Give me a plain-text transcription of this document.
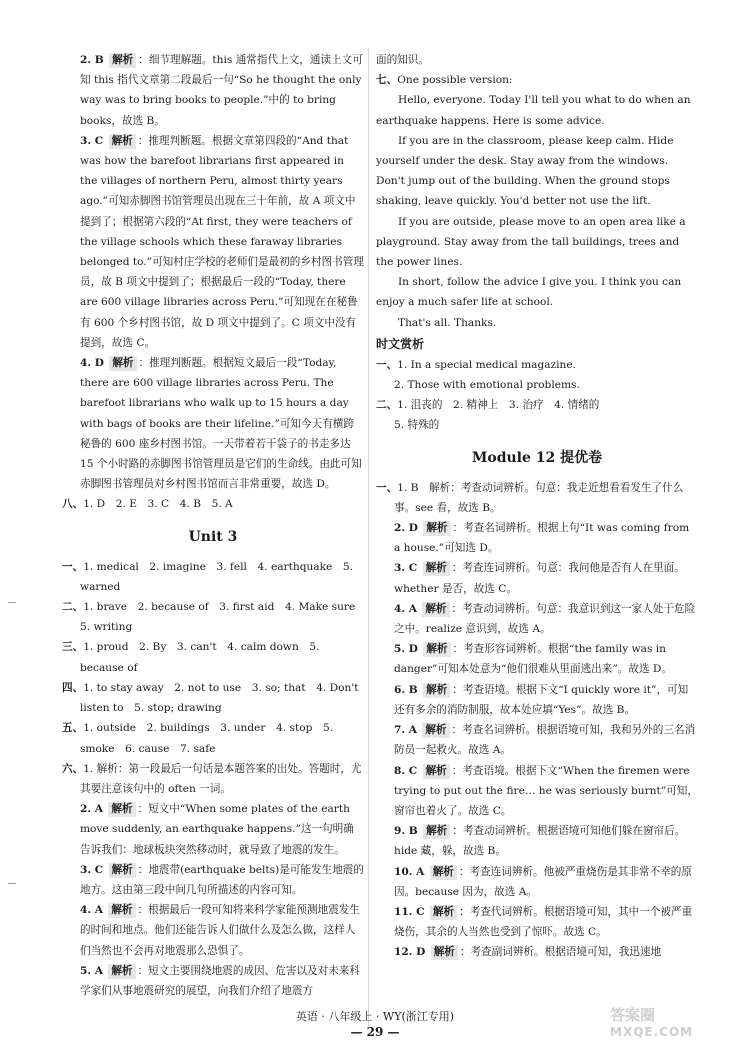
2. B 解析 ：细节理解题。this 通常指代上文，通读上文可知 this 指代文章第二段最后一句“So he thought the only way was to bring books to people.”中的 to bring books，故选 B。
3. C 解析 ：推理判断题。根据文章第四段的“And that was how the barefoot librarians first appeared in the villages of northern Peru, almost thirty years ago.”可知赤脚图书馆管理员出现在三十年前，故 A 项文中提到了；根据第六段的“At first, they were teachers of the village schools which these faraway libraries belonged to.”可知村庄学校的老师们是最初的乡村图书管理员，故 B 项文中提到了；根据最后一段的“Today, there are 600 village libraries across Peru.”可知现在在秘鲁有 600 个乡村图书馆，故 D 项文中提到了。C 项文中没有提到，故选 C。
4. D 解析 ：推理判断题。根据短文最后一段“Today, there are 600 village libraries across Peru. The barefoot librarians who walk up to 15 hours a day with bags of books are their lifeline.”可知今天有横跨秘鲁的 600 座乡村图书馆。一天带着若干袋子的书走多达 15 个小时路的赤脚图书馆管理员是它们的生命线。由此可知赤脚图书管理员对乡村图书馆而言非常重要，故选 D。
八、1. D　2. E　3. C　4. B　5. A
Unit 3
一、1. medical　2. imagine　3. fell　4. earthquake　5. warned
二、1. brave　2. because of　3. first aid　4. Make sure　5. writing
三、1. proud　2. By　3. can't　4. calm down　5. because of
四、1. to stay away　2. not to use　3. so; that　4. Don't listen to　5. stop; drawing
五、1. outside　2. buildings　3. under　4. stop　5. smoke　6. cause　7. safe
六、1. 解析：第一段最后一句话是本题答案的出处。答题时，尤其要注意该句中的 often 一词。
2. A 解析 ：短文中“When some plates of the earth move suddenly, an earthquake happens.”这一句明确告诉我们：地球板块突然移动时，就导致了地震的发生。
3. C 解析 ：地震带(earthquake belts)是可能发生地震的地方。这由第三段中间几句所描述的内容可知。
4. A 解析 ：根据最后一段可知将来科学家能预测地震发生的时间和地点。他们还能告诉人们做什么及怎么做，这样人们当然也不会再对地震那么恐惧了。
5. A 解析 ：短文主要围绕地震的成因、危害以及对未来科学家们从事地震研究的展望，向我们介绍了地震方
面的知识。
七、One possible version:
Hello, everyone. Today I'll tell you what to do when an earthquake happens. Here is some advice.
If you are in the classroom, please keep calm. Hide yourself under the desk. Stay away from the windows. Don't jump out of the building. When the ground stops shaking, leave quickly. You'd better not use the lift.
If you are outside, please move to an open area like a playground. Stay away from the tall buildings, trees and the power lines.
In short, follow the advice I give you. I think you can enjoy a much safer life at school.
That's all. Thanks.
时文赏析
一、1. In a special medical magazine.
2. Those with emotional problems.
二、1. 沮丧的　2. 精神上　3. 治疗　4. 情绪的
5. 特殊的
Module 12 提优卷
一、1. B　解析：考查动词辨析。句意：我走近想看看发生了什么事。see 看，故选 B。
2. D 解析 ：考查名词辨析。根据上句“It was coming from a house.”可知选 D。
3. C 解析 ：考查连词辨析。句意：我问他是否有人在里面。whether 是否，故选 C。
4. A 解析 ：考查动词辨析。句意：我意识到这一家人处于危险之中。realize 意识到，故选 A。
5. D 解析 ：考查形容词辨析。根据“the family was in danger”可知本处意为“他们很难从里面逃出来”。故选 D。
6. B 解析 ：考查语境。根据下文“I quickly wore it”，可知还有多余的消防制服，故本处应填“Yes”。故选 B。
7. A 解析 ：考查名词辨析。根据语境可知，我和另外的三名消防员一起救火。故选 A。
8. C 解析 ：考查语境。根据下文“When the firemen were trying to put out the fire… he was seriously burnt”可知，窗帘也着火了。故选 C。
9. B 解析 ：考查动词辨析。根据语境可知他们躲在窗帘后。hide 藏，躲，故选 B。
10. A 解析 ：考查连词辨析。他被严重烧伤是其非常不幸的原因。because 因为，故选 A。
11. C 解析 ：考查代词辨析。根据语境可知，其中一个被严重烧伤，其余的人当然也受到了惊吓。故选 C。
12. D 解析 ：考查副词辨析。根据语境可知，我迅速地
英语 · 八年级上 · WY(浙江专用)
— 29 —
答案圈
MXQE.COM
